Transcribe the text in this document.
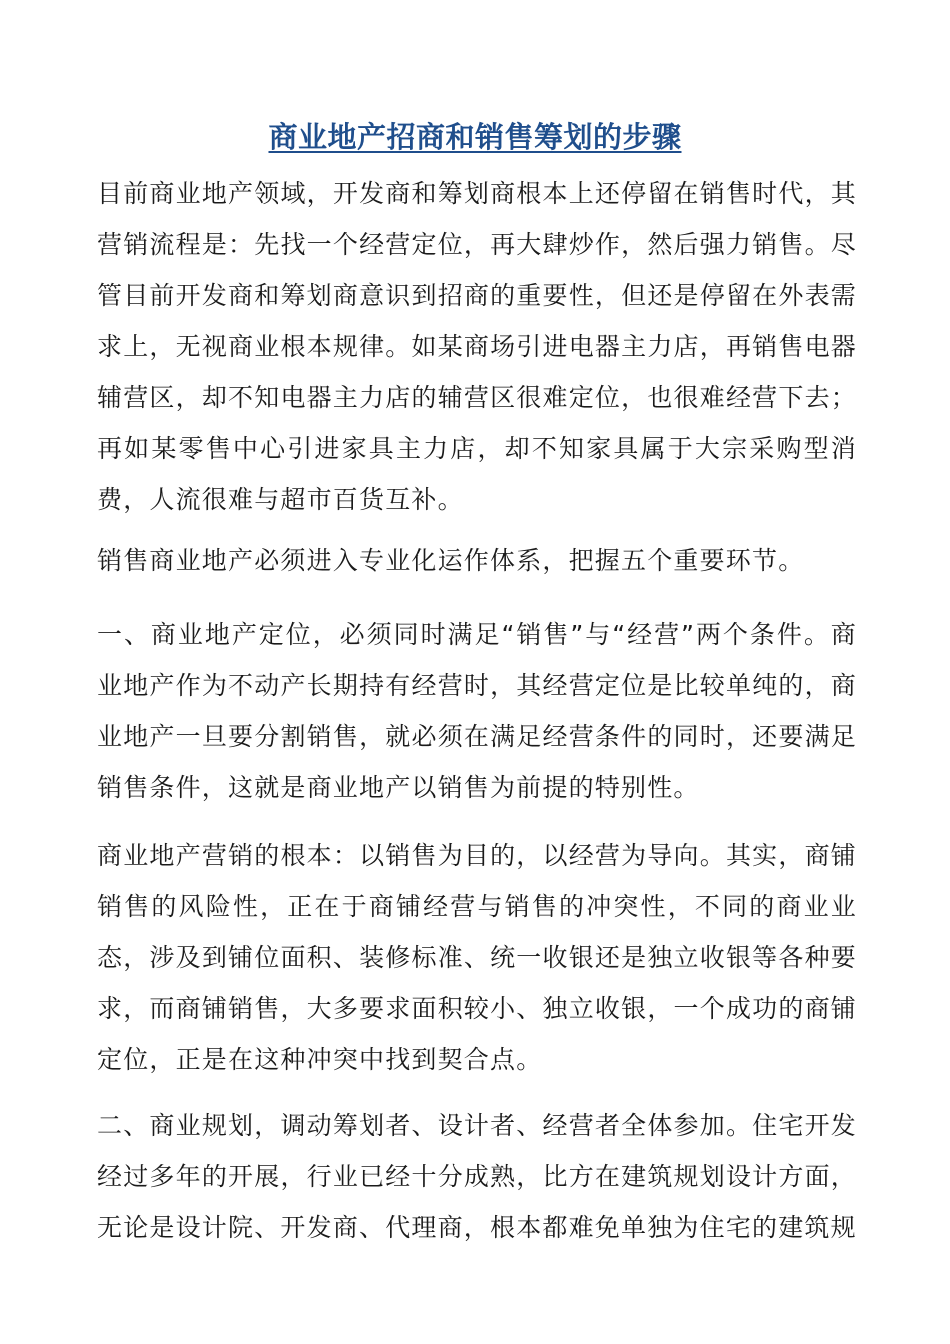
商业地产招商和销售筹划的步骤

目前商业地产领域，开发商和筹划商根本上还停留在销售时代，其营销流程是：先找一个经营定位，再大肆炒作，然后强力销售。尽管目前开发商和筹划商意识到招商的重要性，但还是停留在外表需求上，无视商业根本规律。如某商场引进电器主力店，再销售电器辅营区，却不知电器主力店的辅营区很难定位，也很难经营下去；再如某零售中心引进家具主力店，却不知家具属于大宗采购型消费，人流很难与超市百货互补。

销售商业地产必须进入专业化运作体系，把握五个重要环节。

一、商业地产定位，必须同时满足“销售”与“经营”两个条件。商业地产作为不动产长期持有经营时，其经营定位是比较单纯的，商业地产一旦要分割销售，就必须在满足经营条件的同时，还要满足销售条件，这就是商业地产以销售为前提的特别性。

商业地产营销的根本：以销售为目的，以经营为导向。其实，商铺销售的风险性，正在于商铺经营与销售的冲突性，不同的商业业态，涉及到铺位面积、装修标准、统一收银还是独立收银等各种要求，而商铺销售，大多要求面积较小、独立收银，一个成功的商铺定位，正是在这种冲突中找到契合点。

二、商业规划，调动筹划者、设计者、经营者全体参加。住宅开发经过多年的开展，行业已经十分成熟，比方在建筑规划设计方面，无论是设计院、开发商、代理商，根本都难免单独为住宅的建筑规
